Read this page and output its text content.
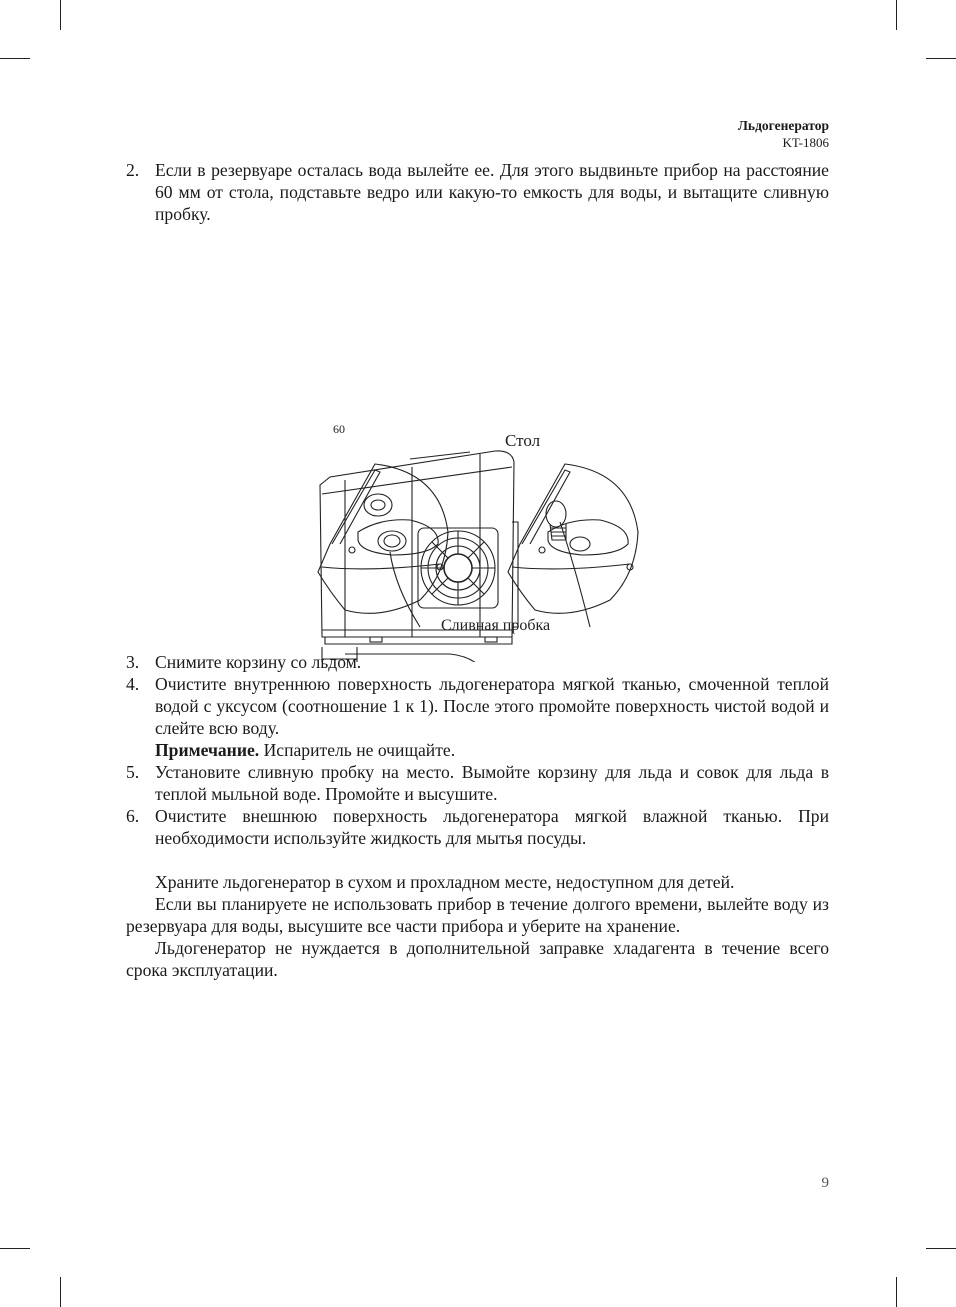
Льдогенератор
KT-1806
2. Если в резервуаре осталась вода вылейте ее. Для этого выдвиньте прибор на расстояние 60 мм от стола, подставьте ведро или какую-то емкость для воды, и вытащите сливную пробку.
60
Стол
Сливная пробка
3. Снимите корзину со льдом.
4. Очистите внутреннюю поверхность льдогенератора мягкой тканью, смоченной теплой водой с уксусом (соотношение 1 к 1). После этого промойте поверхность чистой водой и слейте всю воду.
Примечание. Испаритель не очищайте.
5. Установите сливную пробку на место. Вымойте корзину для льда и совок для льда в теплой мыльной воде. Промойте и высушите.
6. Очистите внешнюю поверхность льдогенератора мягкой влажной тканью. При необходимости используйте жидкость для мытья посуды.
Храните льдогенератор в сухом и прохладном месте, недоступном для детей.
Если вы планируете не использовать прибор в течение долгого времени, вылейте воду из резервуара для воды, высушите все части прибора и уберите на хранение.
Льдогенератор не нуждается в дополнительной заправке хладагента в течение всего срока эксплуатации.
9
